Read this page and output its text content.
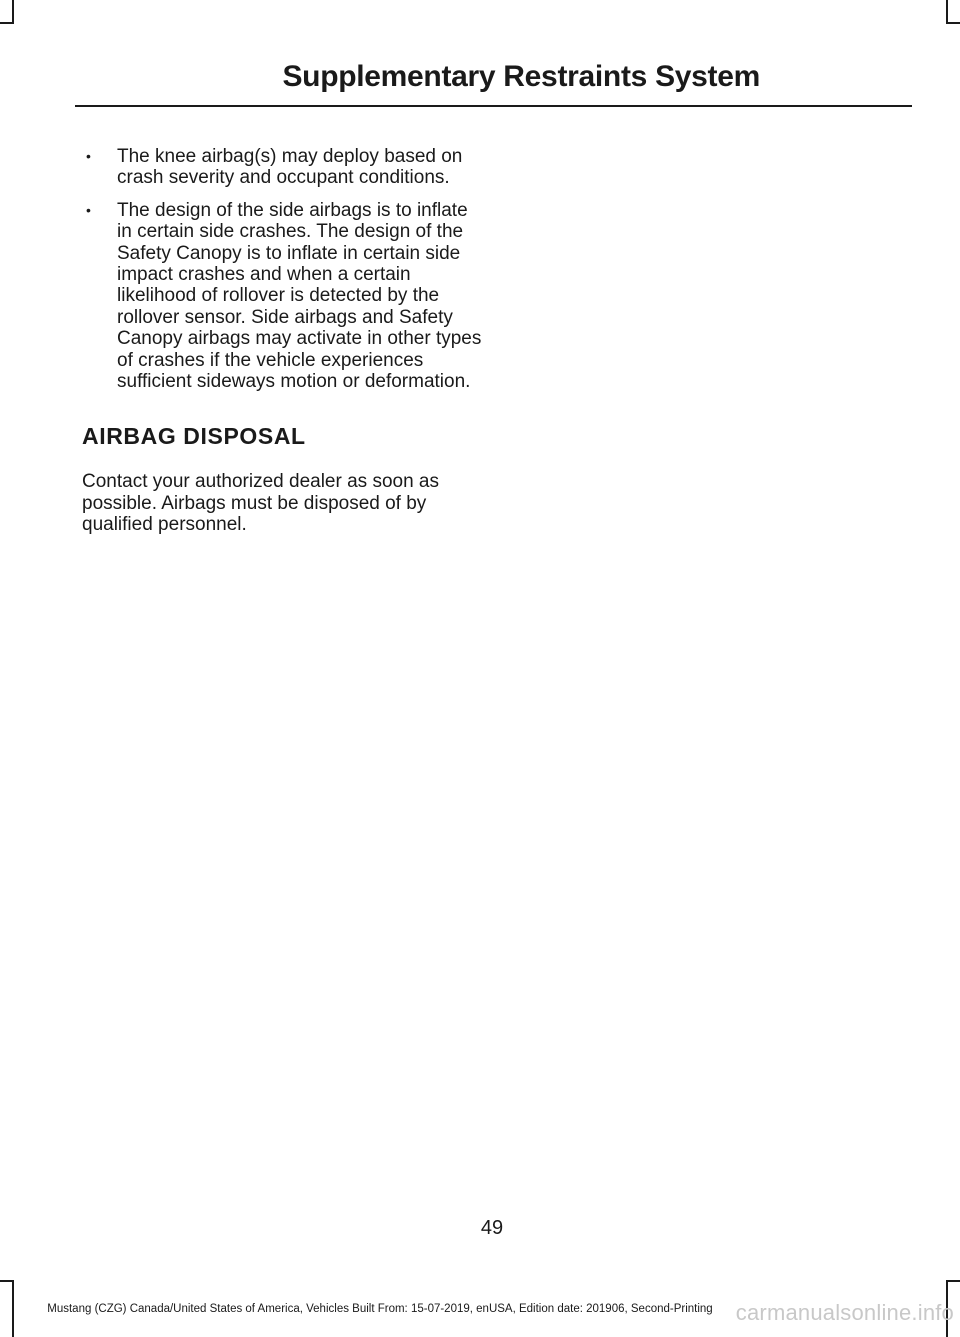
Supplementary Restraints System
• The knee airbag(s) may deploy based on crash severity and occupant conditions.
• The design of the side airbags is to inflate in certain side crashes. The design of the Safety Canopy is to inflate in certain side impact crashes and when a certain likelihood of rollover is detected by the rollover sensor. Side airbags and Safety Canopy airbags may activate in other types of crashes if the vehicle experiences sufficient sideways motion or deformation.
AIRBAG DISPOSAL

Contact your authorized dealer as soon as possible. Airbags must be disposed of by qualified personnel.

49
Mustang (CZG) Canada/United States of America, Vehicles Built From: 15-07-2019, enUSA, Edition date: 201906, Second-Printing	carmanualsonline.info
